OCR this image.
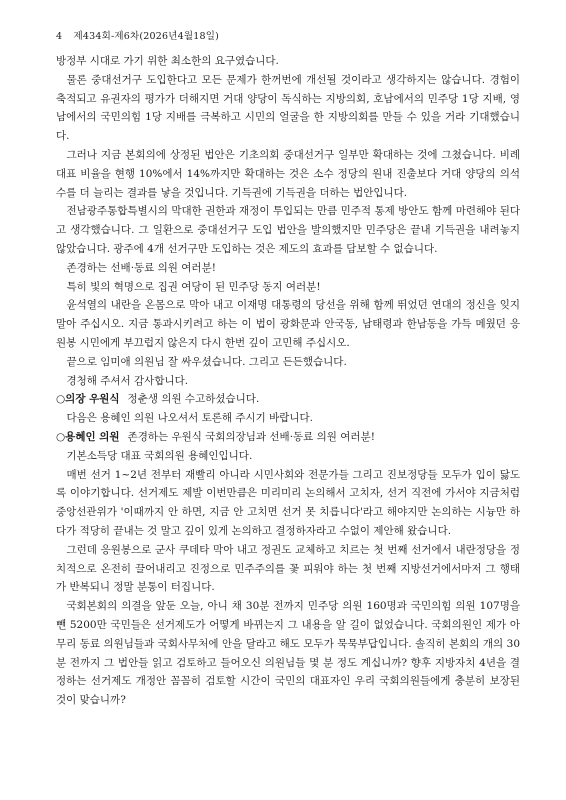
4 제434회-제6차(2026년4월18일)

방정부 시대로 가기 위한 최소한의 요구였습니다.

물론 중대선거구 도입한다고 모든 문제가 한꺼번에 개선될 것이라고 생각하지는 않습니다. 경험이 축적되고 유권자의 평가가 더해지면 거대 양당이 독식하는 지방의회, 호남에서의 민주당 1당 지배, 영남에서의 국민의힘 1당 지배를 극복하고 시민의 얼굴을 한 지방의회를 만들 수 있을 거라 기대했습니다.

그러나 지금 본회의에 상정된 법안은 기초의회 중대선거구 일부만 확대하는 것에 그쳤습니다. 비례대표 비율을 현행 10%에서 14%까지만 확대하는 것은 소수 정당의 원내 진출보다 거대 양당의 의석수를 더 늘리는 결과를 낳을 것입니다. 기득권에 기득권을 더하는 법안입니다.

전남광주통합특별시의 막대한 권한과 재정이 투입되는 만큼 민주적 통제 방안도 함께 마련해야 된다고 생각했습니다. 그 일환으로 중대선거구 도입 법안을 발의했지만 민주당은 끝내 기득권을 내려놓지 않았습니다. 광주에 4개 선거구만 도입하는 것은 제도의 효과를 담보할 수 없습니다.

존경하는 선배·동료 의원 여러분!

특히 빛의 혁명으로 집권 여당이 된 민주당 동지 여러분!

윤석열의 내란을 온몸으로 막아 내고 이재명 대통령의 당선을 위해 함께 뛰었던 연대의 정신을 잊지 말아 주십시오. 지금 통과시키려고 하는 이 법이 광화문과 안국동, 남태령과 한남동을 가득 메웠던 응원봉 시민에게 부끄럽지 않은지 다시 한번 깊이 고민해 주십시오.

끝으로 임미애 의원님 잘 싸우셨습니다. 그리고 든든했습니다.

경청해 주셔서 감사합니다.

○의장 우원식 정춘생 의원 수고하셨습니다.

다음은 용혜인 의원 나오셔서 토론해 주시기 바랍니다.

○용혜인 의원 존경하는 우원식 국회의장님과 선배·동료 의원 여러분!

기본소득당 대표 국회의원 용혜인입니다.

매번 선거 1~2년 전부터 재빨리 아니라 시민사회와 전문가들 그리고 진보정당들 모두가 입이 닳도록 이야기합니다. 선거제도 제발 이번만큼은 미리미리 논의해서 고치자, 선거 직전에 가서야 지금처럼 중앙선관위가 '이때까지 안 하면, 지금 안 고치면 선거 못 치릅니다'라고 해야지만 논의하는 시늉만 하다가 적당히 끝내는 것 말고 깊이 있게 논의하고 결정하자라고 수없이 제안해 왔습니다.

그런데 응원봉으로 군사 쿠데타 막아 내고 정권도 교체하고 치르는 첫 번째 선거에서 내란정당을 정치적으로 온전히 끌어내리고 진정으로 민주주의를 꽃 피워야 하는 첫 번째 지방선거에서마저 그 행태가 반복되니 정말 분통이 터집니다.

국회본회의 의결을 앞둔 오늘, 아니 채 30분 전까지 민주당 의원 160명과 국민의힘 의원 107명을 뺀 5200만 국민들은 선거제도가 어떻게 바뀌는지 그 내용을 알 길이 없었습니다. 국회의원인 제가 아무리 동료 의원님들과 국회사무처에 안을 달라고 해도 모두가 묵묵부답입니다. 솔직히 본회의 개의 30분 전까지 그 법안들 읽고 검토하고 들어오신 의원님들 몇 분 정도 계십니까? 향후 지방자치 4년을 결정하는 선거제도 개정안 꼼꼼히 검토할 시간이 국민의 대표자인 우리 국회의원들에게 충분히 보장된 것이 맞습니까?
